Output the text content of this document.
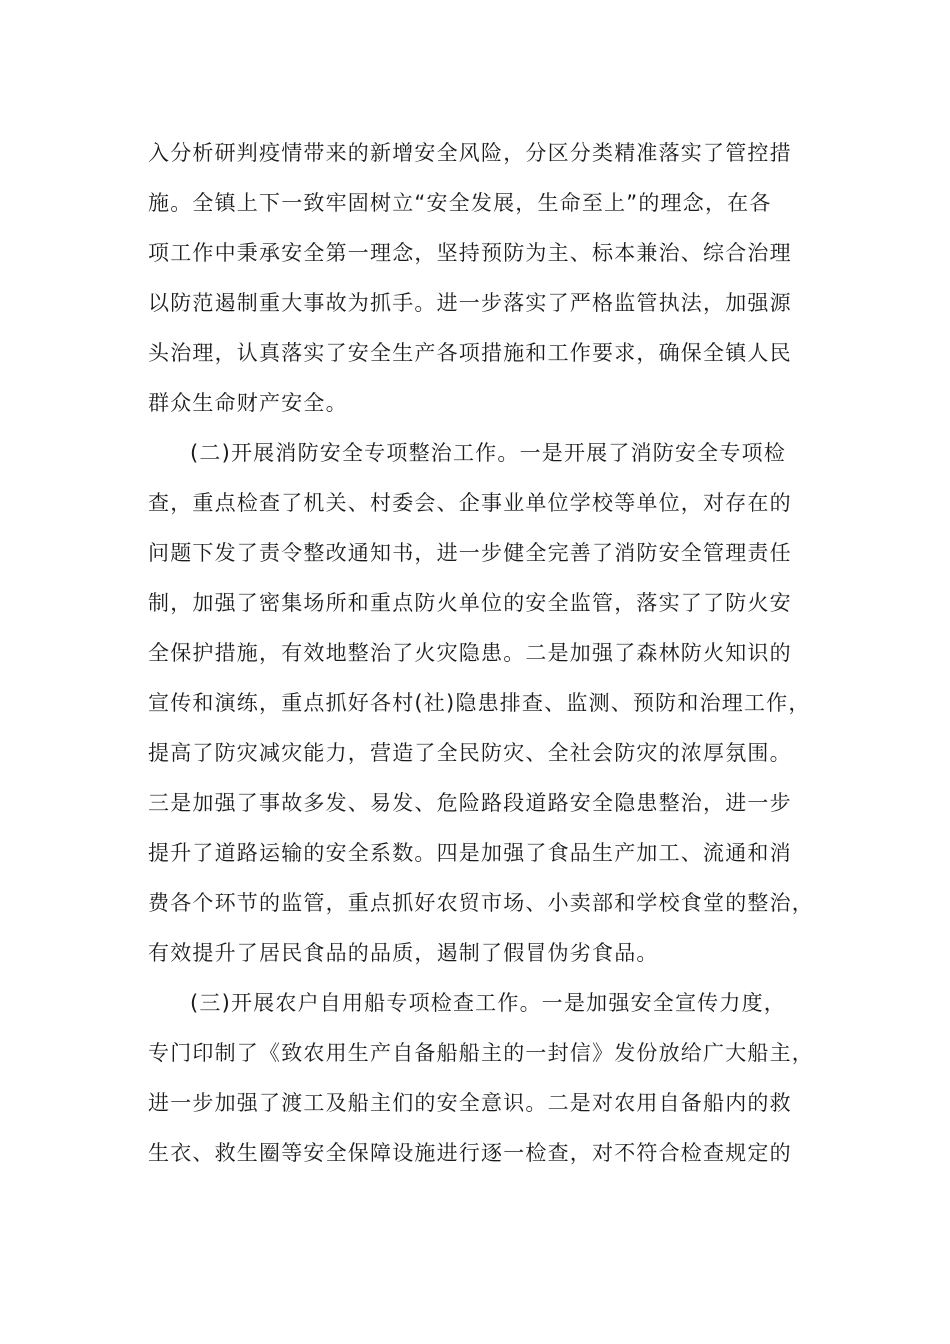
入分析研判疫情带来的新增安全风险，分区分类精准落实了管控措
施。全镇上下一致牢固树立“安全发展，生命至上”的理念，在各
项工作中秉承安全第一理念，坚持预防为主、标本兼治、综合治理
以防范遏制重大事故为抓手。进一步落实了严格监管执法，加强源
头治理，认真落实了安全生产各项措施和工作要求，确保全镇人民
群众生命财产安全。
(二)开展消防安全专项整治工作。一是开展了消防安全专项检
查，重点检查了机关、村委会、企事业单位学校等单位，对存在的
问题下发了责令整改通知书，进一步健全完善了消防安全管理责任
制，加强了密集场所和重点防火单位的安全监管，落实了了防火安
全保护措施，有效地整治了火灾隐患。二是加强了森林防火知识的
宣传和演练，重点抓好各村(社)隐患排查、监测、预防和治理工作，
提高了防灾减灾能力，营造了全民防灾、全社会防灾的浓厚氛围。
三是加强了事故多发、易发、危险路段道路安全隐患整治，进一步
提升了道路运输的安全系数。四是加强了食品生产加工、流通和消
费各个环节的监管，重点抓好农贸市场、小卖部和学校食堂的整治，
有效提升了居民食品的品质，遏制了假冒伪劣食品。
(三)开展农户自用船专项检查工作。一是加强安全宣传力度，
专门印制了《致农用生产自备船船主的一封信》发份放给广大船主，
进一步加强了渡工及船主们的安全意识。二是对农用自备船内的救
生衣、救生圈等安全保障设施进行逐一检查，对不符合检查规定的
